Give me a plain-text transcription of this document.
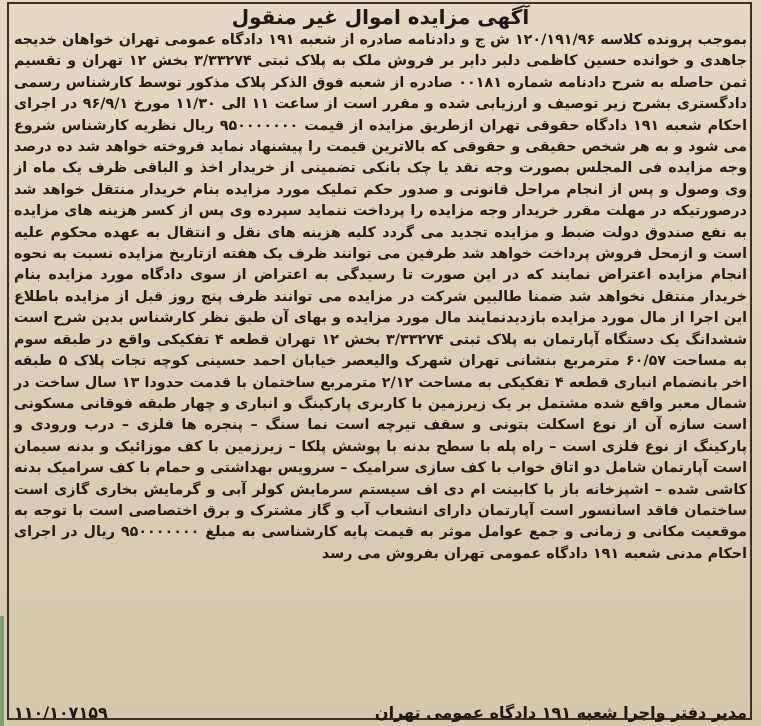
آگهی مزایده اموال غیر منقول
بموجب پرونده کلاسه ۱۲۰/۱۹۱/۹۶ ش ج و دادنامه صادره از شعبه ۱۹۱ دادگاه عمومی تهران خواهان خدیجه جاهدی و خوانده حسین کاظمی دلبر دایر بر فروش ملک به پلاک ثبتی ۳/۳۳۲۷۴ بخش ۱۲ تهران و تقسیم ثمن حاصله به شرح دادنامه شماره ۰۰۱۸۱ صادره از شعبه فوق الذکر پلاک مذکور توسط کارشناس رسمی دادگستری بشرح زیر توصیف و ارزیابی شده و مقرر است از ساعت ۱۱ الی ۱۱/۳۰ مورخ ۹۶/۹/۱ در اجرای احکام شعبه ۱۹۱ دادگاه حقوقی تهران ازطریق مزایده از قیمت ۹۵۰۰۰۰۰۰۰ ریال نظریه کارشناس شروع می شود و به هر شخص حقیقی و حقوقی که بالاترین قیمت را پیشنهاد نماید فروخته خواهد شد ده درصد وجه مزایده فی المجلس بصورت وجه نقد یا چک بانکی تضمینی از خریدار اخذ و الباقی ظرف یک ماه از وی وصول و پس از انجام مراحل قانونی و صدور حکم تملیک مورد مزایده بنام خریدار منتقل خواهد شد درصورتیکه در مهلت مقرر خریدار وجه مزایده را پرداخت ننماید سپرده وی پس از کسر هزینه های مزایده به نفع صندوق دولت ضبط و مزایده تجدید می گردد کلیه هزینه های نقل و انتقال به عهده محکوم علیه است و ازمحل فروش پرداخت خواهد شد طرفین می توانند ظرف یک هفته ازتاریخ مزایده نسبت به نحوه انجام مزایده اعتراض نمایند که در این صورت تا رسیدگی به اعتراض از سوی دادگاه مورد مزایده بنام خریدار منتقل نخواهد شد ضمنا طالبین شرکت در مزایده می توانند ظرف پنج روز قبل از مزایده باطلاع این اجرا از مال مورد مزایده بازدیدنمایند مال مورد مزایده و بهای آن طبق نظر کارشناس بدین شرح است ششدانگ یک دستگاه آپارتمان به پلاک ثبتی ۳/۳۳۲۷۴ بخش ۱۲ تهران قطعه ۴ تفکیکی واقع در طبقه سوم به مساحت ۶۰/۵۷ مترمربع بنشانی تهران شهرک والیعصر خیابان احمد حسینی کوچه نجات پلاک ۵ طبقه اخر بانضمام انباری قطعه ۴ تفکیکی به مساحت ۲/۱۲ مترمربع ساختمان با قدمت حدودا ۱۳ سال ساخت در شمال معبر واقع شده مشتمل بر یک زیرزمین با کاربری پارکینگ و انباری و چهار طبقه فوقانی مسکونی است سازه آن از نوع اسکلت بتونی و سقف تیرچه است نما سنگ – پنجره ها فلزی – درب ورودی و پارکینگ از نوع فلزی است – راه پله با سطح بدنه با پوشش پلکا – زیرزمین با کف موزائیک و بدنه سیمان است آپارتمان شامل دو اتاق خواب با کف سازی سرامیک – سرویس بهداشتی و حمام با کف سرامیک بدنه کاشی شده – اشپزخانه باز با کابینت ام دی اف سیستم سرمایش کولر آبی و گرمایش بخاری گازی است ساختمان فاقد اسانسور است آپارتمان دارای انشعاب آب و گاز مشترک و برق اختصاصی است با توجه به موقعیت مکانی و زمانی و جمع عوامل موثر به قیمت پایه کارشناسی به مبلغ ۹۵۰۰۰۰۰۰۰ ریال در اجرای احکام مدنی شعبه ۱۹۱ دادگاه عمومی تهران بفروش می رسد
مدیر دفتر واجرا شعبه ۱۹۱ دادگاه عمومی تهران
۱۱۰/۱۰۷۱۵۹
